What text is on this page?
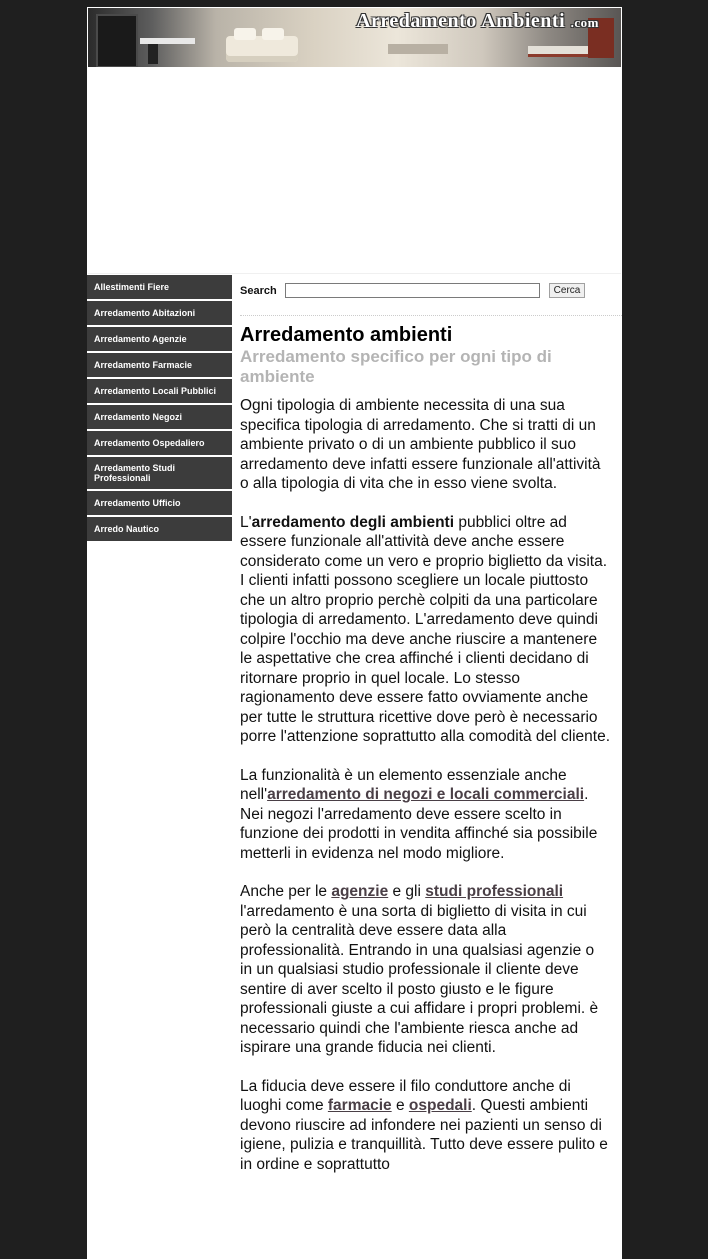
Arredamento Ambienti .com
Allestimenti Fiere
Arredamento Abitazioni
Arredamento Agenzie
Arredamento Farmacie
Arredamento Locali Pubblici
Arredamento Negozi
Arredamento Ospedaliero
Arredamento Studi Professionali
Arredamento Ufficio
Arredo Nautico
Search	Cerca
Arredamento ambienti
Arredamento specifico per ogni tipo di ambiente

Ogni tipologia di ambiente necessita di una sua specifica tipologia di arredamento. Che si tratti di un ambiente privato o di un ambiente pubblico il suo arredamento deve infatti essere funzionale all'attività o alla tipologia di vita che in esso viene svolta.

L'arredamento degli ambienti pubblici oltre ad essere funzionale all'attività deve anche essere considerato come un vero e proprio biglietto da visita. I clienti infatti possono scegliere un locale piuttosto che un altro proprio perchè colpiti da una particolare tipologia di arredamento. L'arredamento deve quindi colpire l'occhio ma deve anche riuscire a mantenere le aspettative che crea affinché i clienti decidano di ritornare proprio in quel locale. Lo stesso ragionamento deve essere fatto ovviamente anche per tutte le struttura ricettive dove però è necessario porre l'attenzione soprattutto alla comodità del cliente.

La funzionalità è un elemento essenziale anche nell'arredamento di negozi e locali commerciali. Nei negozi l'arredamento deve essere scelto in funzione dei prodotti in vendita affinché sia possibile metterli in evidenza nel modo migliore.

Anche per le agenzie e gli studi professionali l'arredamento è una sorta di biglietto di visita in cui però la centralità deve essere data alla professionalità. Entrando in una qualsiasi agenzie o in un qualsiasi studio professionale il cliente deve sentire di aver scelto il posto giusto e le figure professionali giuste a cui affidare i propri problemi. è necessario quindi che l'ambiente riesca anche ad ispirare una grande fiducia nei clienti.

La fiducia deve essere il filo conduttore anche di luoghi come farmacie e ospedali. Questi ambienti devono riuscire ad infondere nei pazienti un senso di igiene, pulizia e tranquillità. Tutto deve essere pulito e in ordine e soprattutto
